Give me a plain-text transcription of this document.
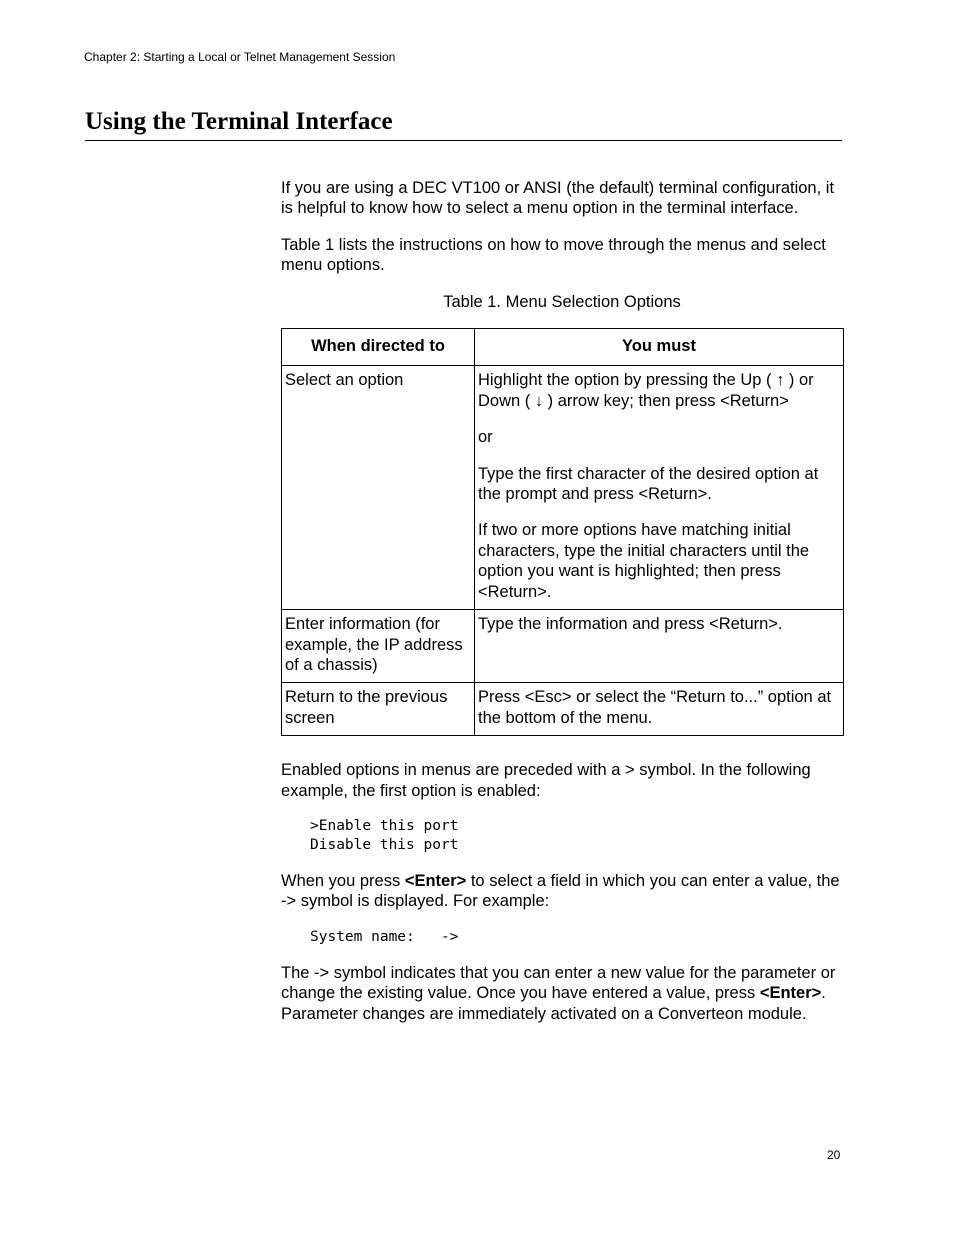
Chapter 2: Starting a Local or Telnet Management Session
Using the Terminal Interface

If you are using a DEC VT100 or ANSI (the default) terminal configuration, it is helpful to know how to select a menu option in the terminal interface.

Table 1 lists the instructions on how to move through the menus and select menu options.

Table 1. Menu Selection Options

When directed to	You must
Select an option	Highlight the option by pressing the Up ( ↑ ) or Down ( ↓ ) arrow key; then press <Return>

or

Type the first character of the desired option at the prompt and press <Return>.

If two or more options have matching initial characters, type the initial characters until the option you want is highlighted; then press <Return>.

Enter information (for example, the IP address of a chassis)	Type the information and press <Return>.

Return to the previous screen	Press <Esc> or select the “Return to...” option at the bottom of the menu.

Enabled options in menus are preceded with a > symbol. In the following example, the first option is enabled:

>Enable this port
Disable this port

When you press <Enter> to select a field in which you can enter a value, the -> symbol is displayed. For example:

System name:   ->

The -> symbol indicates that you can enter a new value for the parameter or change the existing value. Once you have entered a value, press <Enter>. Parameter changes are immediately activated on a Converteon module.

20
